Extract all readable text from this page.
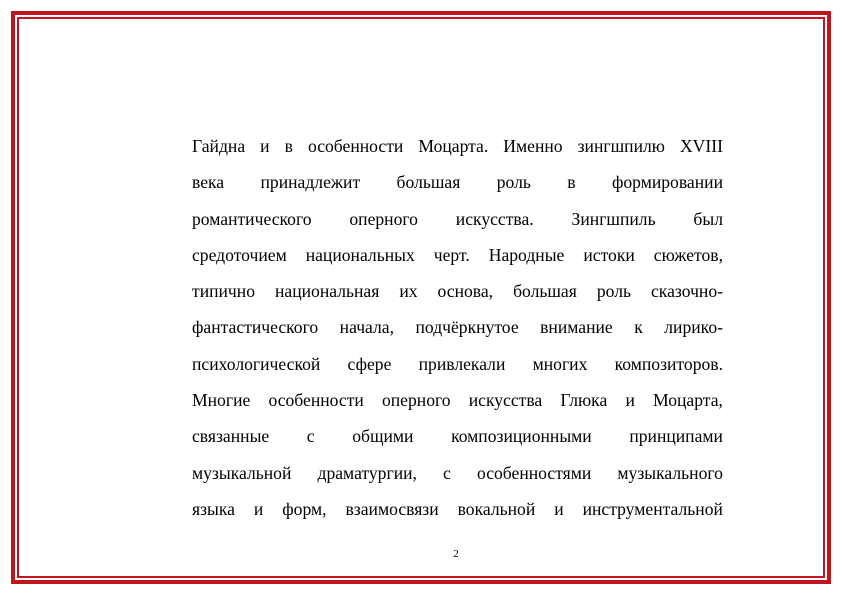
Гайдна и в особенности Моцарта. Именно зингшпилю XVIII
века принадлежит большая роль в формировании
романтического оперного искусства. Зингшпиль был
средоточием национальных черт. Народные истоки сюжетов,
типично национальная их основа, большая роль сказочно-
фантастического начала, подчёркнутое внимание к лирико-
психологической сфере привлекали многих композиторов.
Многие особенности оперного искусства Глюка и Моцарта,
связанные с общими композиционными принципами
музыкальной драматургии, с особенностями музыкального
языка и форм, взаимосвязи вокальной и инструментальной
2
